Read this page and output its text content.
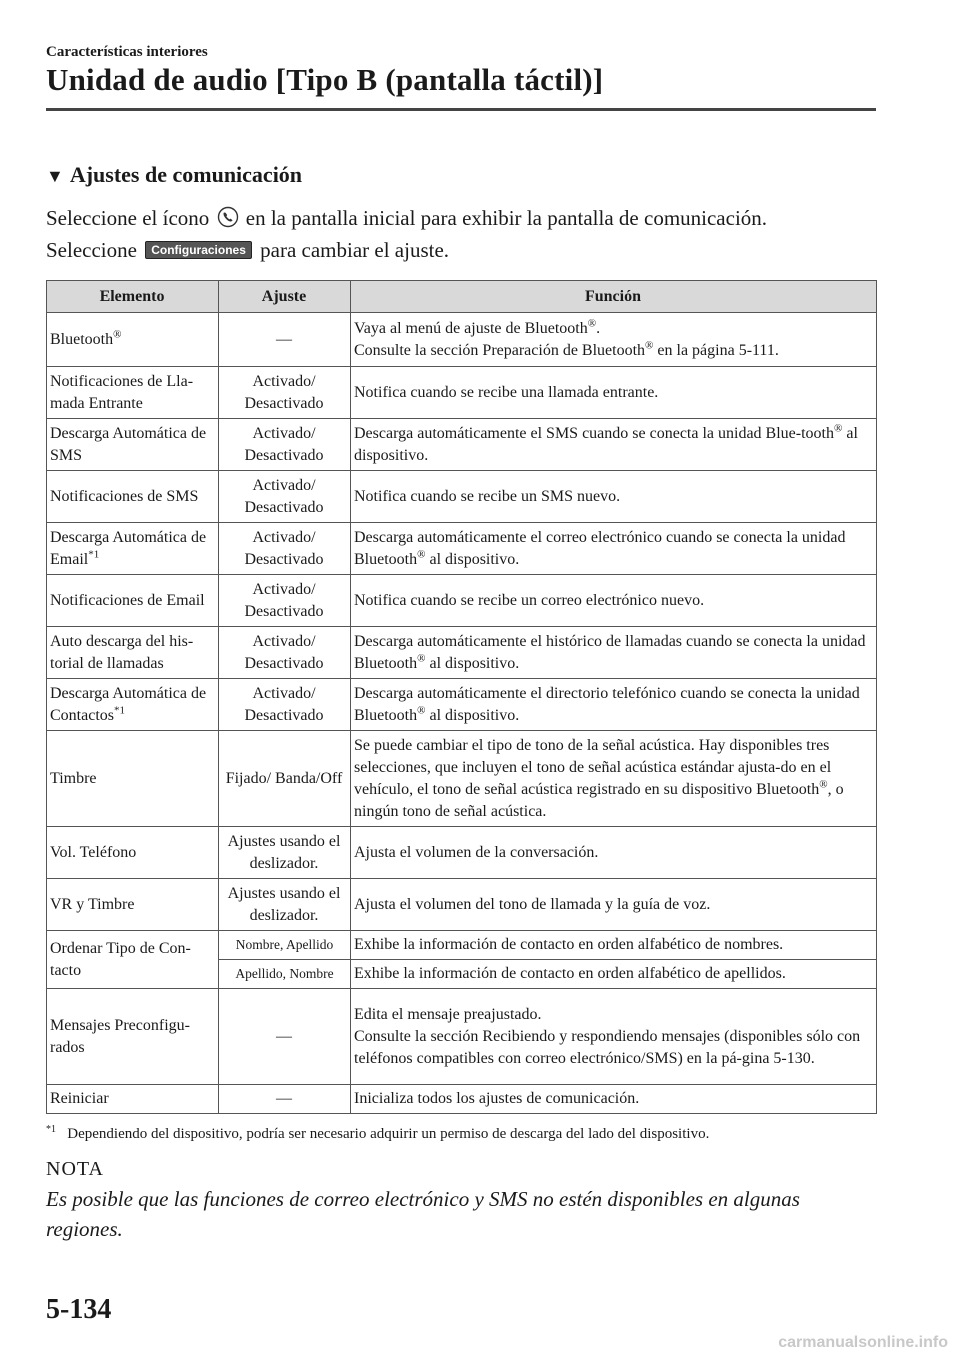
Características interiores
Unidad de audio [Tipo B (pantalla táctil)]
▼ Ajustes de comunicación
Seleccione el ícono  en la pantalla inicial para exhibir la pantalla de comunicación.
Seleccione Configuraciones para cambiar el ajuste.
Elemento	Ajuste	Función
Bluetooth®	—	Vaya al menú de ajuste de Bluetooth®.
Consulte la sección Preparación de Bluetooth® en la página 5-111.
Notificaciones de Lla-mada Entrante	Activado/ Desactivado	Notifica cuando se recibe una llamada entrante.
Descarga Automática de SMS	Activado/ Desactivado	Descarga automáticamente el SMS cuando se conecta la unidad Blue-tooth® al dispositivo.
Notificaciones de SMS	Activado/ Desactivado	Notifica cuando se recibe un SMS nuevo.
Descarga Automática de Email$^{*1}$	Activado/ Desactivado	Descarga automáticamente el correo electrónico cuando se conecta la unidad Bluetooth® al dispositivo.
Notificaciones de Email	Activado/ Desactivado	Notifica cuando se recibe un correo electrónico nuevo.
Auto descarga del his-torial de llamadas	Activado/ Desactivado	Descarga automáticamente el histórico de llamadas cuando se conecta la unidad Bluetooth® al dispositivo.
Descarga Automática de Contactos$^{*1}$	Activado/ Desactivado	Descarga automáticamente el directorio telefónico cuando se conecta la unidad Bluetooth® al dispositivo.
Timbre	Fijado/ Banda/Off	Se puede cambiar el tipo de tono de la señal acústica. Hay disponibles tres selecciones, que incluyen el tono de señal acústica estándar ajusta-do en el vehículo, el tono de señal acústica registrado en su dispositivo Bluetooth®, o ningún tono de señal acústica.
Vol. Teléfono	Ajustes usando el deslizador.	Ajusta el volumen de la conversación.
VR y Timbre	Ajustes usando el deslizador.	Ajusta el volumen del tono de llamada y la guía de voz.
Ordenar Tipo de Con-tacto	Nombre, Apellido	Exhibe la información de contacto en orden alfabético de nombres.
	Apellido, Nombre	Exhibe la información de contacto en orden alfabético de apellidos.
Mensajes Preconfigu-rados	—	Edita el mensaje preajustado.
Consulte la sección Recibiendo y respondiendo mensajes (disponibles sólo con teléfonos compatibles con correo electrónico/SMS) en la pá-gina 5-130.
Reiniciar	—	Inicializa todos los ajustes de comunicación.
$^{*1}$ Dependiendo del dispositivo, podría ser necesario adquirir un permiso de descarga del lado del dispositivo.
NOTA
Es posible que las funciones de correo electrónico y SMS no estén disponibles en algunas regiones.
5-134
carmanualsonline.info
